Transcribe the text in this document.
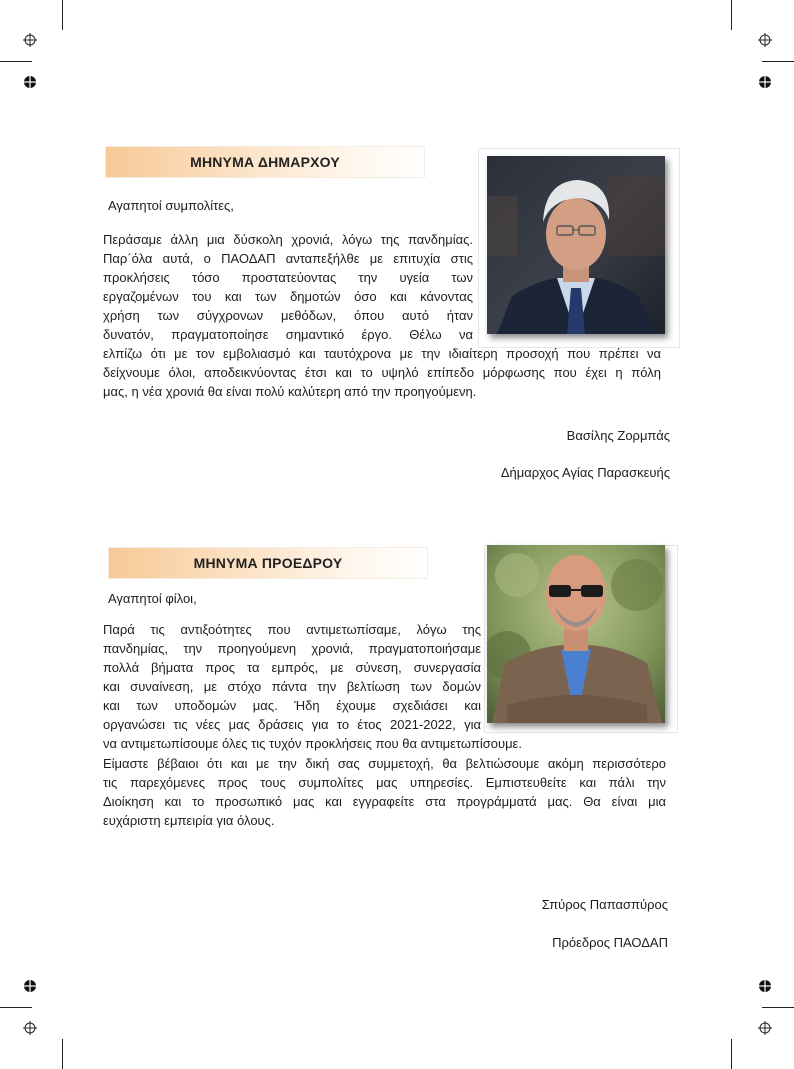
ΜΗΝΥΜΑ ΔΗΜΑΡΧΟΥ
Αγαπητοί συμπολίτες,
Περάσαμε άλλη μια δύσκολη χρονιά, λόγω της πανδημίας.
Παρ΄όλα αυτά, ο ΠΑΟΔΑΠ ανταπεξήλθε με επιτυχία στις
προκλήσεις τόσο προστατεύοντας την υγεία των
εργαζομένων του και των δημοτών όσο και κάνοντας
χρήση των σύγχρονων μεθόδων, όπου αυτό ήταν
δυνατόν, πραγματοποίησε σημαντικό έργο. Θέλω να
ελπίζω ότι με τον εμβολιασμό και ταυτόχρονα με την ιδιαίτερη προσοχή που πρέπει να
δείχνουμε όλοι, αποδεικνύοντας έτσι και το υψηλό επίπεδο μόρφωσης που έχει η πόλη
μας, η νέα χρονιά θα είναι πολύ καλύτερη από την προηγούμενη.
Βασίλης Ζορμπάς
Δήμαρχος Αγίας Παρασκευής
ΜΗΝΥΜΑ ΠΡΟΕΔΡΟΥ
Αγαπητοί φίλοι,
Παρά τις αντιξοότητες που αντιμετωπίσαμε, λόγω της
πανδημίας, την προηγούμενη χρονιά, πραγματοποιήσαμε
πολλά βήματα προς τα εμπρός, με σύνεση, συνεργασία
και συναίνεση, με στόχο πάντα την βελτίωση των δομών
και των υποδομών μας. Ήδη έχουμε σχεδιάσει και
οργανώσει τις νέες μας δράσεις για το έτος 2021-2022, για
να αντιμετωπίσουμε όλες τις τυχόν προκλήσεις που θα αντιμετωπίσουμε.
Είμαστε βέβαιοι ότι και με την δική σας συμμετοχή, θα βελτιώσουμε ακόμη περισσότερο
τις παρεχόμενες προς τους συμπολίτες μας υπηρεσίες. Εμπιστευθείτε και πάλι την
Διοίκηση και το προσωπικό μας και εγγραφείτε στα προγράμματά μας. Θα είναι μια
ευχάριστη εμπειρία για όλους.
Σπύρος Παπασπύρος
Πρόεδρος ΠΑΟΔΑΠ
